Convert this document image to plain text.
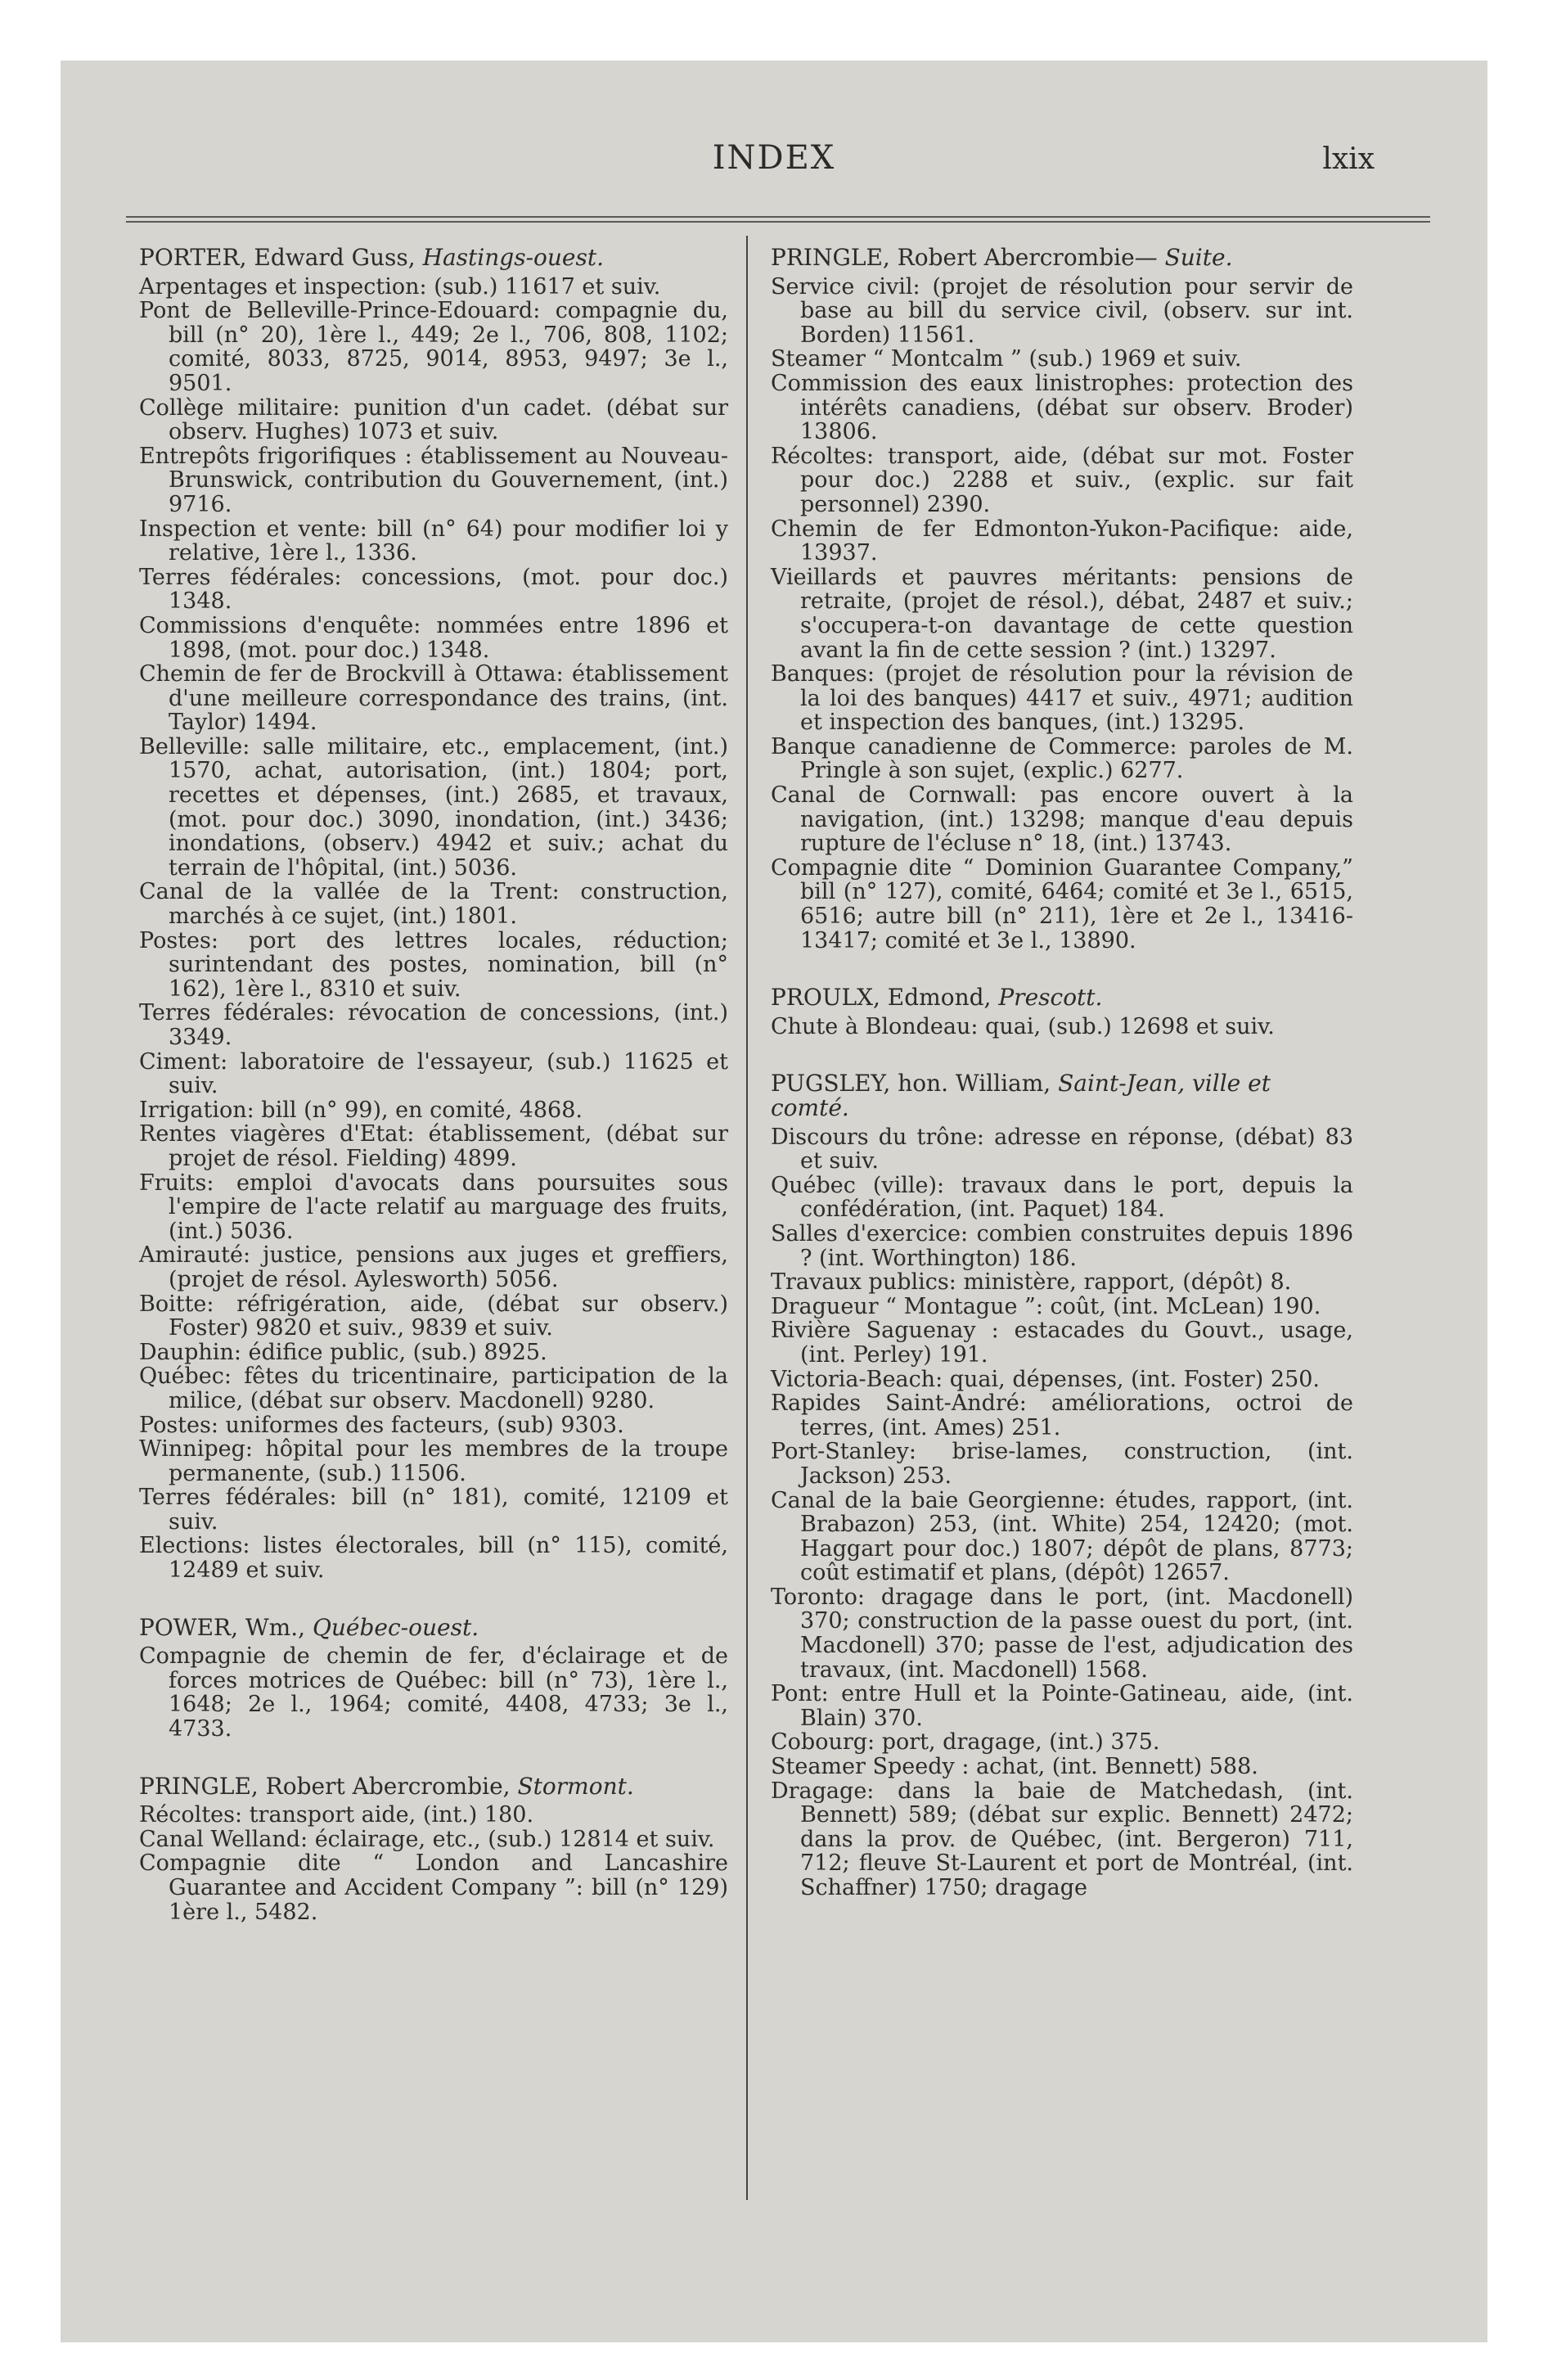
INDEX	lxix
PORTER, Edward Guss, Hastings-ouest.

Arpentages et inspection: (sub.) 11617 et suiv.

Pont de Belleville-Prince-Edouard: compagnie du, bill (n° 20), 1ère l., 449; 2e l., 706, 808, 1102; comité, 8033, 8725, 9014, 8953, 9497; 3e l., 9501.

Collège militaire: punition d'un cadet. (débat sur observ. Hughes) 1073 et suiv.

Entrepôts frigorifiques : établissement au Nouveau-Brunswick, contribution du Gouvernement, (int.) 9716.

Inspection et vente: bill (n° 64) pour modifier loi y relative, 1ère l., 1336.

Terres fédérales: concessions, (mot. pour doc.) 1348.

Commissions d'enquête: nommées entre 1896 et 1898, (mot. pour doc.) 1348.

Chemin de fer de Brockvill à Ottawa: établissement d'une meilleure correspondance des trains, (int. Taylor) 1494.

Belleville: salle militaire, etc., emplacement, (int.) 1570, achat, autorisation, (int.) 1804; port, recettes et dépenses, (int.) 2685, et travaux, (mot. pour doc.) 3090, inondation, (int.) 3436; inondations, (observ.) 4942 et suiv.; achat du terrain de l'hôpital, (int.) 5036.

Canal de la vallée de la Trent: construction, marchés à ce sujet, (int.) 1801.

Postes: port des lettres locales, réduction; surintendant des postes, nomination, bill (n° 162), 1ère l., 8310 et suiv.

Terres fédérales: révocation de concessions, (int.) 3349.

Ciment: laboratoire de l'essayeur, (sub.) 11625 et suiv.

Irrigation: bill (n° 99), en comité, 4868.

Rentes viagères d'Etat: établissement, (débat sur projet de résol. Fielding) 4899.

Fruits: emploi d'avocats dans poursuites sous l'empire de l'acte relatif au marguage des fruits, (int.) 5036.

Amirauté: justice, pensions aux juges et greffiers, (projet de résol. Aylesworth) 5056.

Boitte: réfrigération, aide, (débat sur observ.) Foster) 9820 et suiv., 9839 et suiv.

Dauphin: édifice public, (sub.) 8925.

Québec: fêtes du tricentinaire, participation de la milice, (débat sur observ. Macdonell) 9280.

Postes: uniformes des facteurs, (sub) 9303.

Winnipeg: hôpital pour les membres de la troupe permanente, (sub.) 11506.

Terres fédérales: bill (n° 181), comité, 12109 et suiv.

Elections: listes électorales, bill (n° 115), comité, 12489 et suiv.

POWER, Wm., Québec-ouest.

Compagnie de chemin de fer, d'éclairage et de forces motrices de Québec: bill (n° 73), 1ère l., 1648; 2e l., 1964; comité, 4408, 4733; 3e l., 4733.

PRINGLE, Robert Abercrombie, Stormont.

Récoltes: transport aide, (int.) 180.

Canal Welland: éclairage, etc., (sub.) 12814 et suiv.

Compagnie dite “ London and Lancashire Guarantee and Accident Company ”: bill (n° 129) 1ère l., 5482.

PRINGLE, Robert Abercrombie— Suite.

Service civil: (projet de résolution pour servir de base au bill du service civil, (observ. sur int. Borden) 11561.

Steamer “ Montcalm ” (sub.) 1969 et suiv.

Commission des eaux linistrophes: protection des intérêts canadiens, (débat sur observ. Broder) 13806.

Récoltes: transport, aide, (débat sur mot. Foster pour doc.) 2288 et suiv., (explic. sur fait personnel) 2390.

Chemin de fer Edmonton-Yukon-Pacifique: aide, 13937.

Vieillards et pauvres méritants: pensions de retraite, (projet de résol.), débat, 2487 et suiv.; s'occupera-t-on davantage de cette question avant la fin de cette session ? (int.) 13297.

Banques: (projet de résolution pour la révision de la loi des banques) 4417 et suiv., 4971; audition et inspection des banques, (int.) 13295.

Banque canadienne de Commerce: paroles de M. Pringle à son sujet, (explic.) 6277.

Canal de Cornwall: pas encore ouvert à la navigation, (int.) 13298; manque d'eau depuis rupture de l'écluse n° 18, (int.) 13743.

Compagnie dite “ Dominion Guarantee Company,” bill (n° 127), comité, 6464; comité et 3e l., 6515, 6516; autre bill (n° 211), 1ère et 2e l., 13416-13417; comité et 3e l., 13890.

PROULX, Edmond, Prescott.

Chute à Blondeau: quai, (sub.) 12698 et suiv.

PUGSLEY, hon. William, Saint-Jean, ville et comté.

Discours du trône: adresse en réponse, (débat) 83 et suiv.

Québec (ville): travaux dans le port, depuis la confédération, (int. Paquet) 184.

Salles d'exercice: combien construites depuis 1896 ? (int. Worthington) 186.

Travaux publics: ministère, rapport, (dépôt) 8.

Dragueur “ Montague ”: coût, (int. McLean) 190.

Rivière Saguenay : estacades du Gouvt., usage, (int. Perley) 191.

Victoria-Beach: quai, dépenses, (int. Foster) 250.

Rapides Saint-André: améliorations, octroi de terres, (int. Ames) 251.

Port-Stanley: brise-lames, construction, (int. Jackson) 253.

Canal de la baie Georgienne: études, rapport, (int. Brabazon) 253, (int. White) 254, 12420; (mot. Haggart pour doc.) 1807; dépôt de plans, 8773; coût estimatif et plans, (dépôt) 12657.

Toronto: dragage dans le port, (int. Macdonell) 370; construction de la passe ouest du port, (int. Macdonell) 370; passe de l'est, adjudication des travaux, (int. Macdonell) 1568.

Pont: entre Hull et la Pointe-Gatineau, aide, (int. Blain) 370.

Cobourg: port, dragage, (int.) 375.

Steamer Speedy : achat, (int. Bennett) 588.

Dragage: dans la baie de Matchedash, (int. Bennett) 589; (débat sur explic. Bennett) 2472; dans la prov. de Québec, (int. Bergeron) 711, 712; fleuve St-Laurent et port de Montréal, (int. Schaffner) 1750; dragage
